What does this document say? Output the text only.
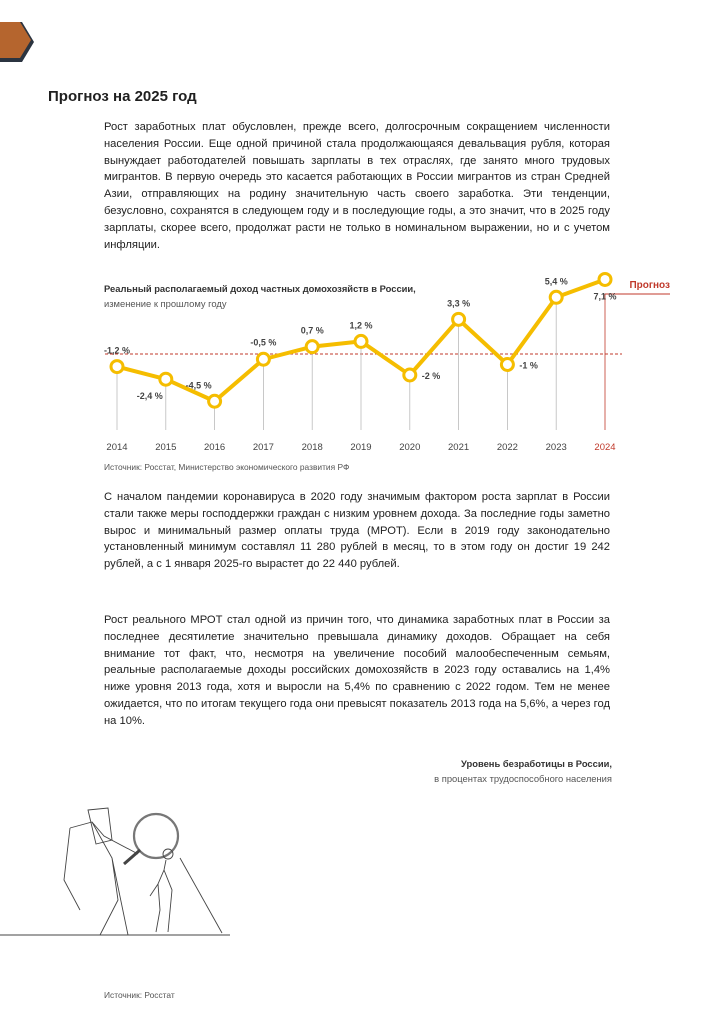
Прогноз на 2025 год

Рост заработных плат обусловлен, прежде всего, долгосрочным сокращением численности населения России. Еще одной причиной стала продолжающаяся девальвация рубля, которая вынуждает работодателей повышать зарплаты в тех отраслях, где занято много трудовых мигрантов. В первую очередь это касается работающих в России мигрантов из стран Средней Азии, отправляющих на родину значительную часть своего заработка. Эти тенденции, безусловно, сохранятся в следующем году и в последующие годы, а это значит, что в 2025 году зарплаты, скорее всего, продолжат расти не только в номинальном выражении, но и с учетом инфляции.

Реальный располагаемый доход частных домохозяйств в России,
изменение к прошлому году
Прогноз
-1,2 %
-2,4 %
-4,5 %
-0,5 %
0,7 %
1,2 %
-2 %
3,3 %
-1 %
5,4 %
7,1 %
2014	2015	2016	2017	2018	2019	2020	2021	2022	2023	2024
Источник: Росстат, Министерство экономического развития РФ

С началом пандемии коронавируса в 2020 году значимым фактором роста зарплат в России стали также меры господдержки граждан с низким уровнем дохода. За последние годы заметно вырос и минимальный размер оплаты труда (МРОТ). Если в 2019 году законодательно установленный минимум составлял 11 280 рублей в месяц, то в этом году он достиг 19 242 рублей, а с 1 января 2025-го вырастет до 22 440 рублей.

Рост реального МРОТ стал одной из причин того, что динамика заработных плат в России за последнее десятилетие значительно превышала динамику доходов. Обращает на себя внимание тот факт, что, несмотря на увеличение пособий малообеспеченным семьям, реальные располагаемые доходы российских домохозяйств в 2023 году оставались на 1,4% ниже уровня 2013 года, хотя и выросли на 5,4% по сравнению с 2022 годом. Тем не менее ожидается, что по итогам текущего года они превысят показатель 2013 года на 5,6%, а через год на 10%.

Уровень безработицы в России,
в процентах трудоспособного населения
Источник: Росстат
